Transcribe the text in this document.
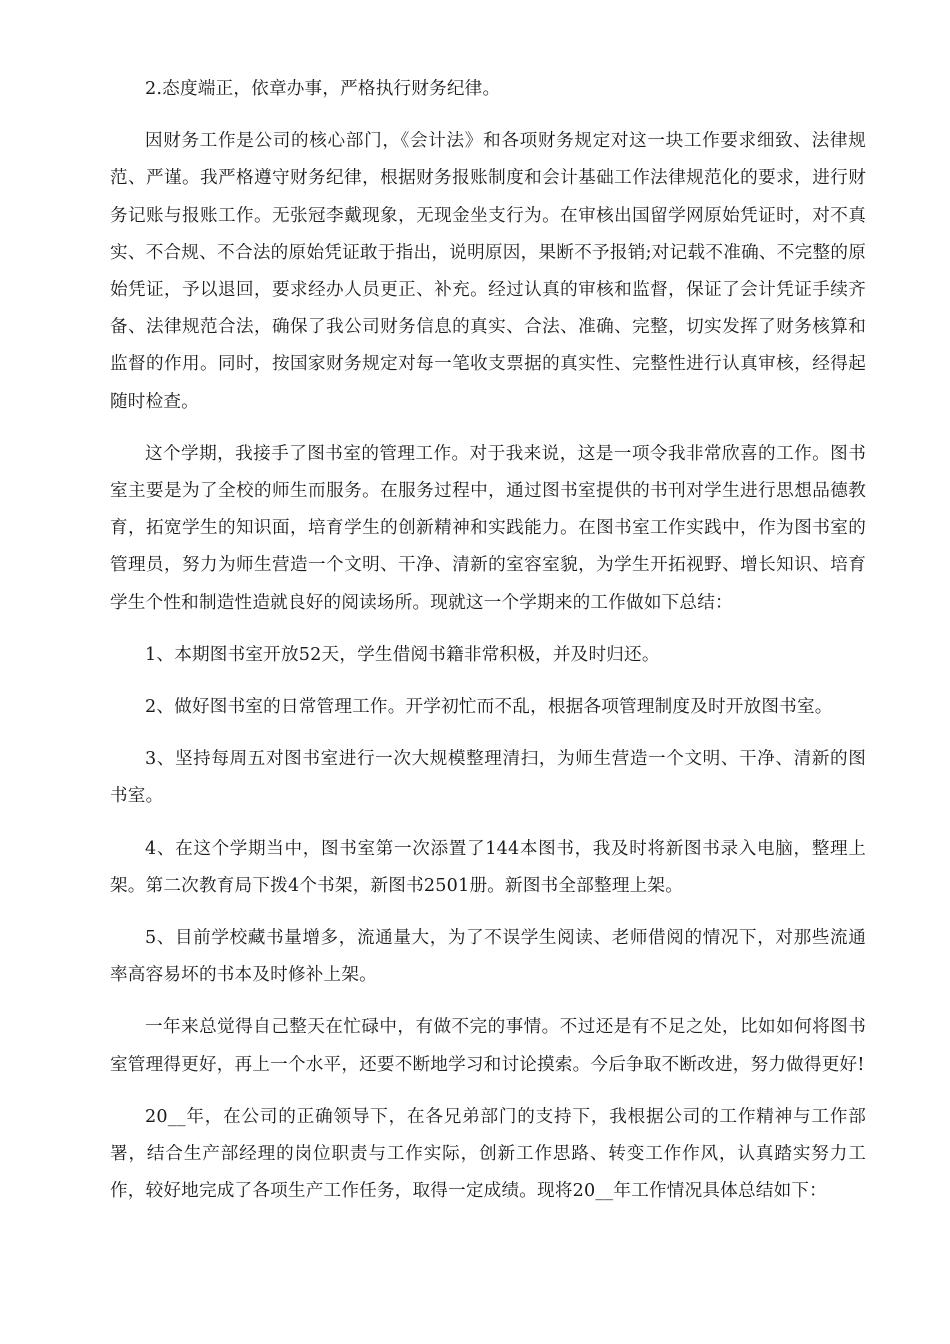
2.态度端正，依章办事，严格执行财务纪律。

因财务工作是公司的核心部门，《会计法》和各项财务规定对这一块工作要求细致、法律规范、严谨。我严格遵守财务纪律，根据财务报账制度和会计基础工作法律规范化的要求，进行财务记账与报账工作。无张冠李戴现象，无现金坐支行为。在审核出国留学网原始凭证时，对不真实、不合规、不合法的原始凭证敢于指出，说明原因，果断不予报销;对记载不准确、不完整的原始凭证，予以退回，要求经办人员更正、补充。经过认真的审核和监督，保证了会计凭证手续齐备、法律规范合法，确保了我公司财务信息的真实、合法、准确、完整，切实发挥了财务核算和监督的作用。同时，按国家财务规定对每一笔收支票据的真实性、完整性进行认真审核，经得起随时检查。

这个学期，我接手了图书室的管理工作。对于我来说，这是一项令我非常欣喜的工作。图书室主要是为了全校的师生而服务。在服务过程中，通过图书室提供的书刊对学生进行思想品德教育，拓宽学生的知识面，培育学生的创新精神和实践能力。在图书室工作实践中，作为图书室的管理员，努力为师生营造一个文明、干净、清新的室容室貌，为学生开拓视野、增长知识、培育学生个性和制造性造就良好的阅读场所。现就这一个学期来的工作做如下总结：

1、本期图书室开放52天，学生借阅书籍非常积极，并及时归还。

2、做好图书室的日常管理工作。开学初忙而不乱，根据各项管理制度及时开放图书室。

3、坚持每周五对图书室进行一次大规模整理清扫，为师生营造一个文明、干净、清新的图书室。

4、在这个学期当中，图书室第一次添置了144本图书，我及时将新图书录入电脑，整理上架。第二次教育局下拨4个书架，新图书2501册。新图书全部整理上架。

5、目前学校藏书量增多，流通量大，为了不误学生阅读、老师借阅的情况下，对那些流通率高容易坏的书本及时修补上架。

一年来总觉得自己整天在忙碌中，有做不完的事情。不过还是有不足之处，比如如何将图书室管理得更好，再上一个水平，还要不断地学习和讨论摸索。今后争取不断改进，努力做得更好!

20__年，在公司的正确领导下，在各兄弟部门的支持下，我根据公司的工作精神与工作部署，结合生产部经理的岗位职责与工作实际，创新工作思路、转变工作作风，认真踏实努力工作，较好地完成了各项生产工作任务，取得一定成绩。现将20__年工作情况具体总结如下：
